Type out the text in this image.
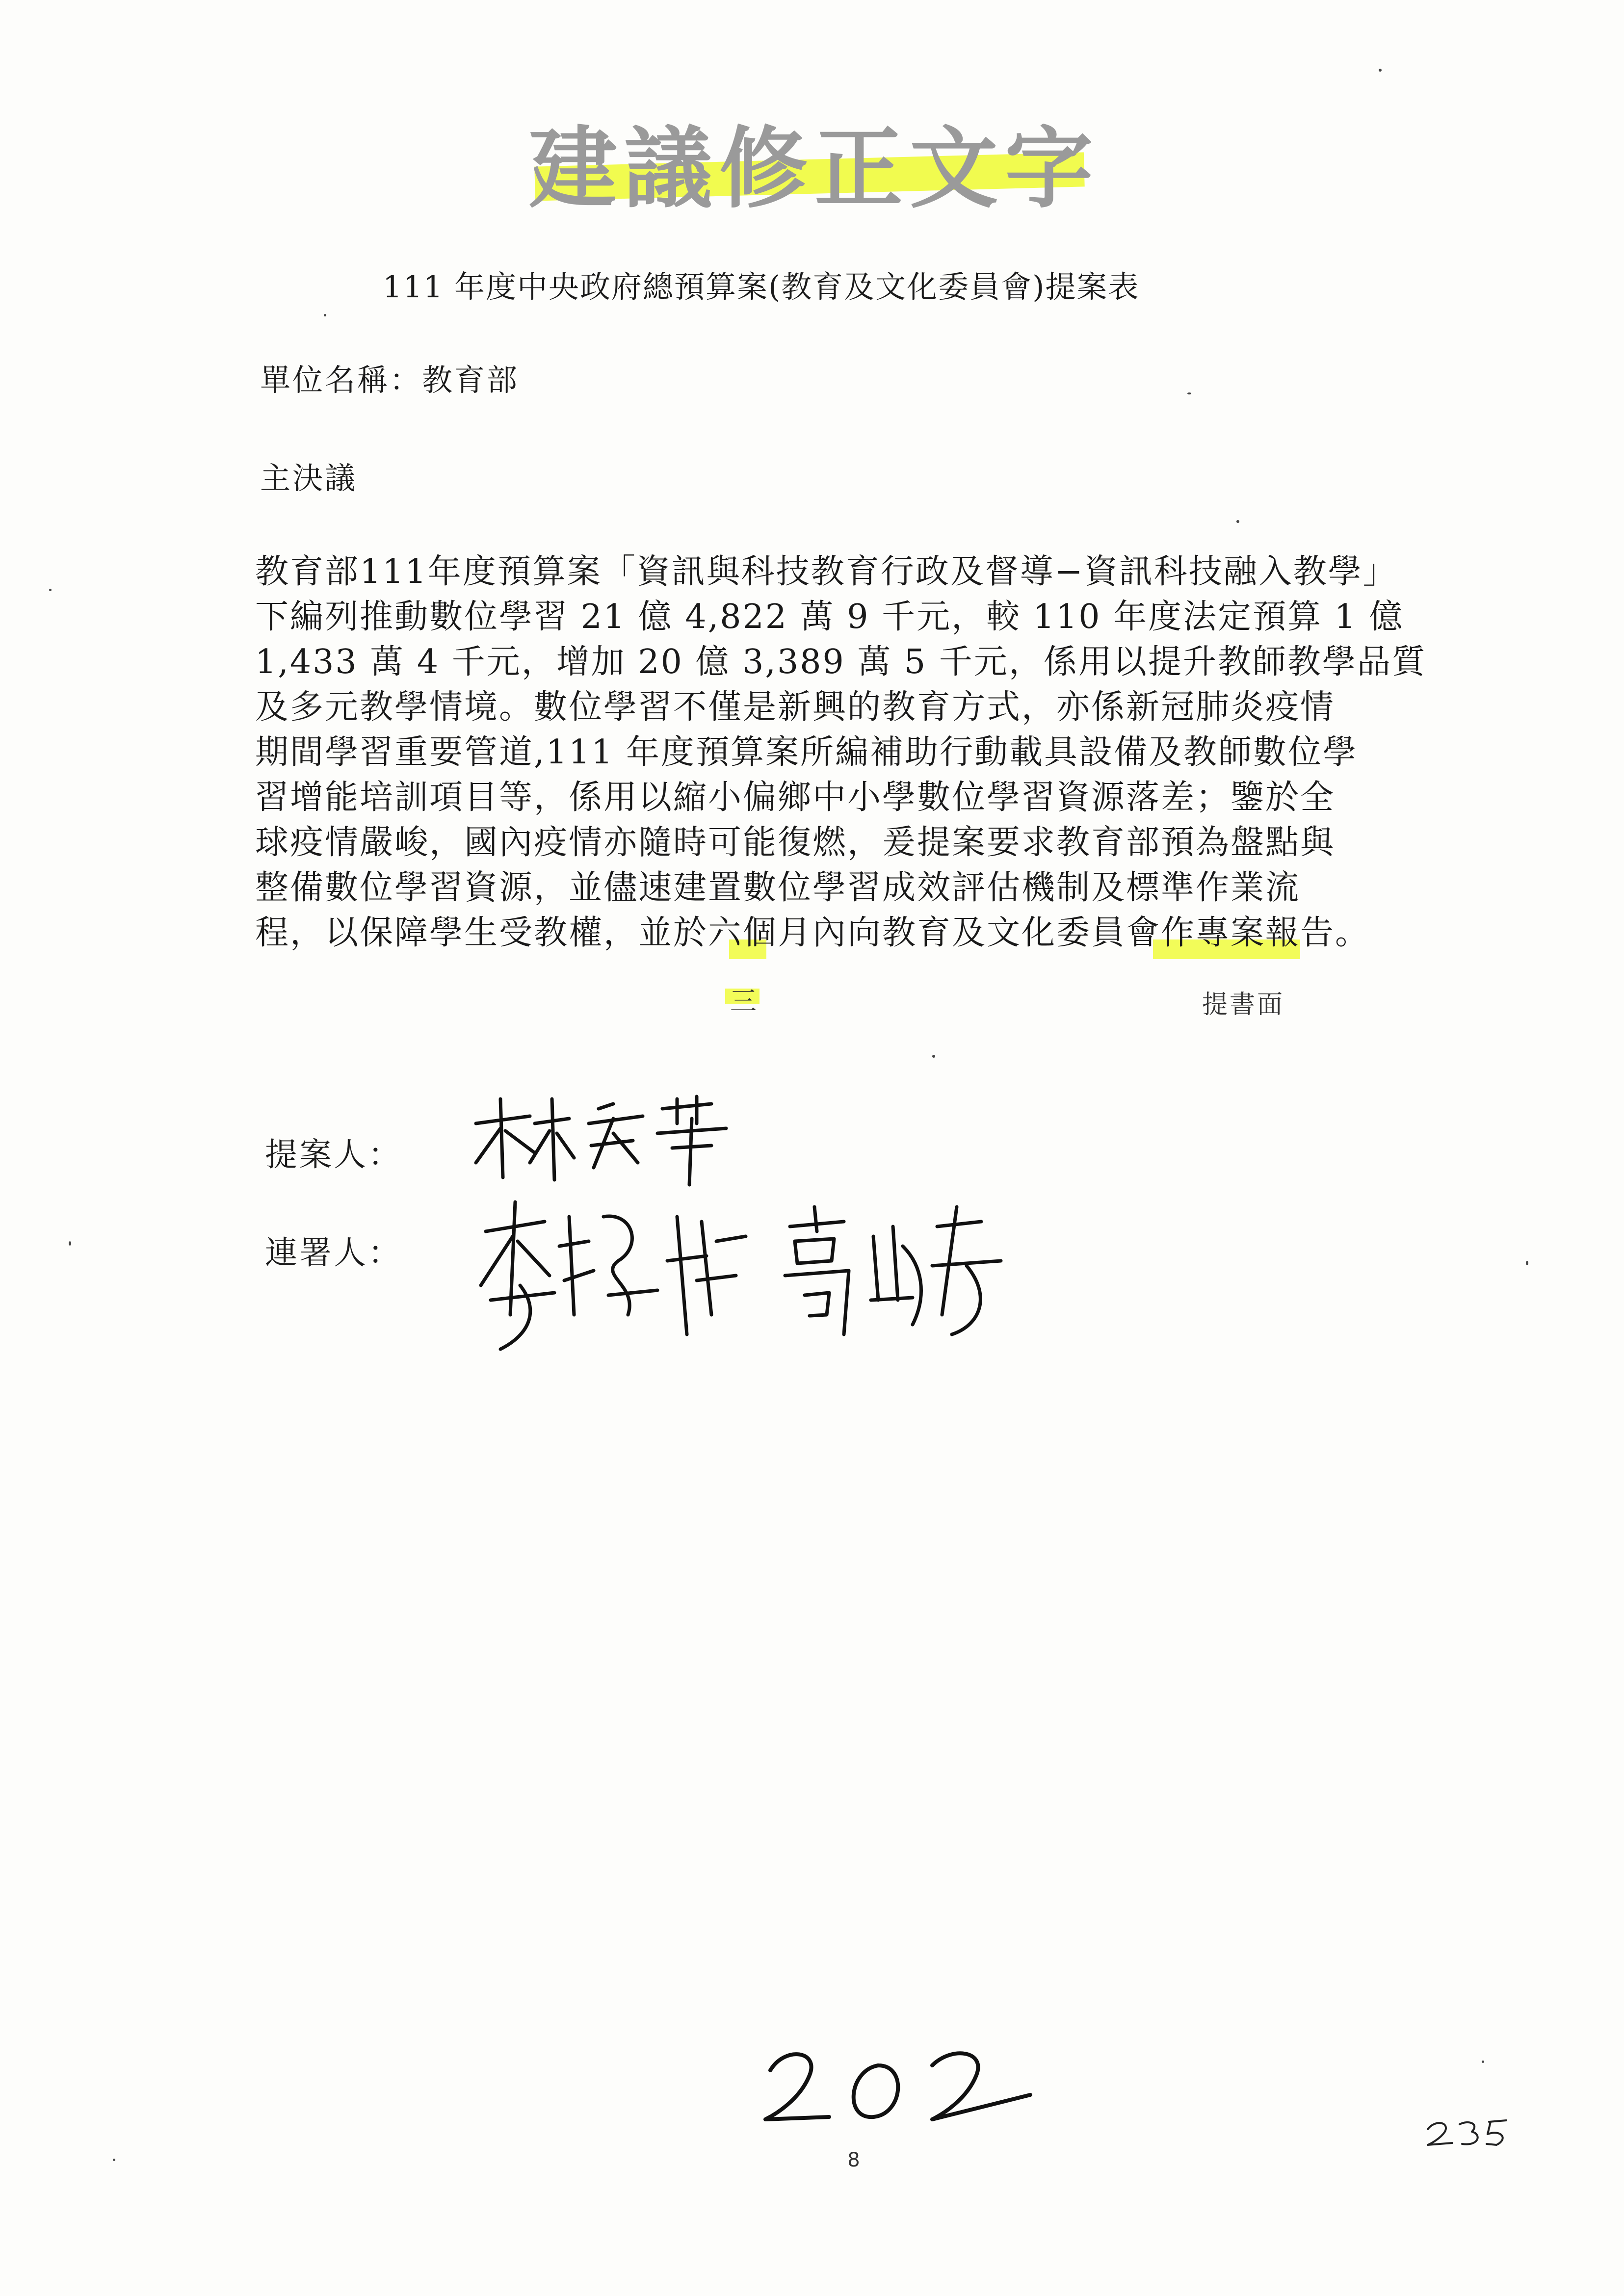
建議修正文字
111 年度中央政府總預算案(教育及文化委員會)提案表
單位名稱：教育部
主決議
教育部111年度預算案「資訊與科技教育行政及督導−資訊科技融入教學」
下編列推動數位學習 21 億 4,822 萬 9 千元，較 110 年度法定預算 1 億
1,433 萬 4 千元，增加 20 億 3,389 萬 5 千元，係用以提升教師教學品質
及多元教學情境。數位學習不僅是新興的教育方式，亦係新冠肺炎疫情
期間學習重要管道,111 年度預算案所編補助行動載具設備及教師數位學
習增能培訓項目等，係用以縮小偏鄉中小學數位學習資源落差；鑒於全
球疫情嚴峻，國內疫情亦隨時可能復燃，爰提案要求教育部預為盤點與
整備數位學習資源，並儘速建置數位學習成效評估機制及標準作業流
程，以保障學生受教權，並於六個月內向教育及文化委員會作專案報告。
三	提書面
提案人：
連署人：
8
